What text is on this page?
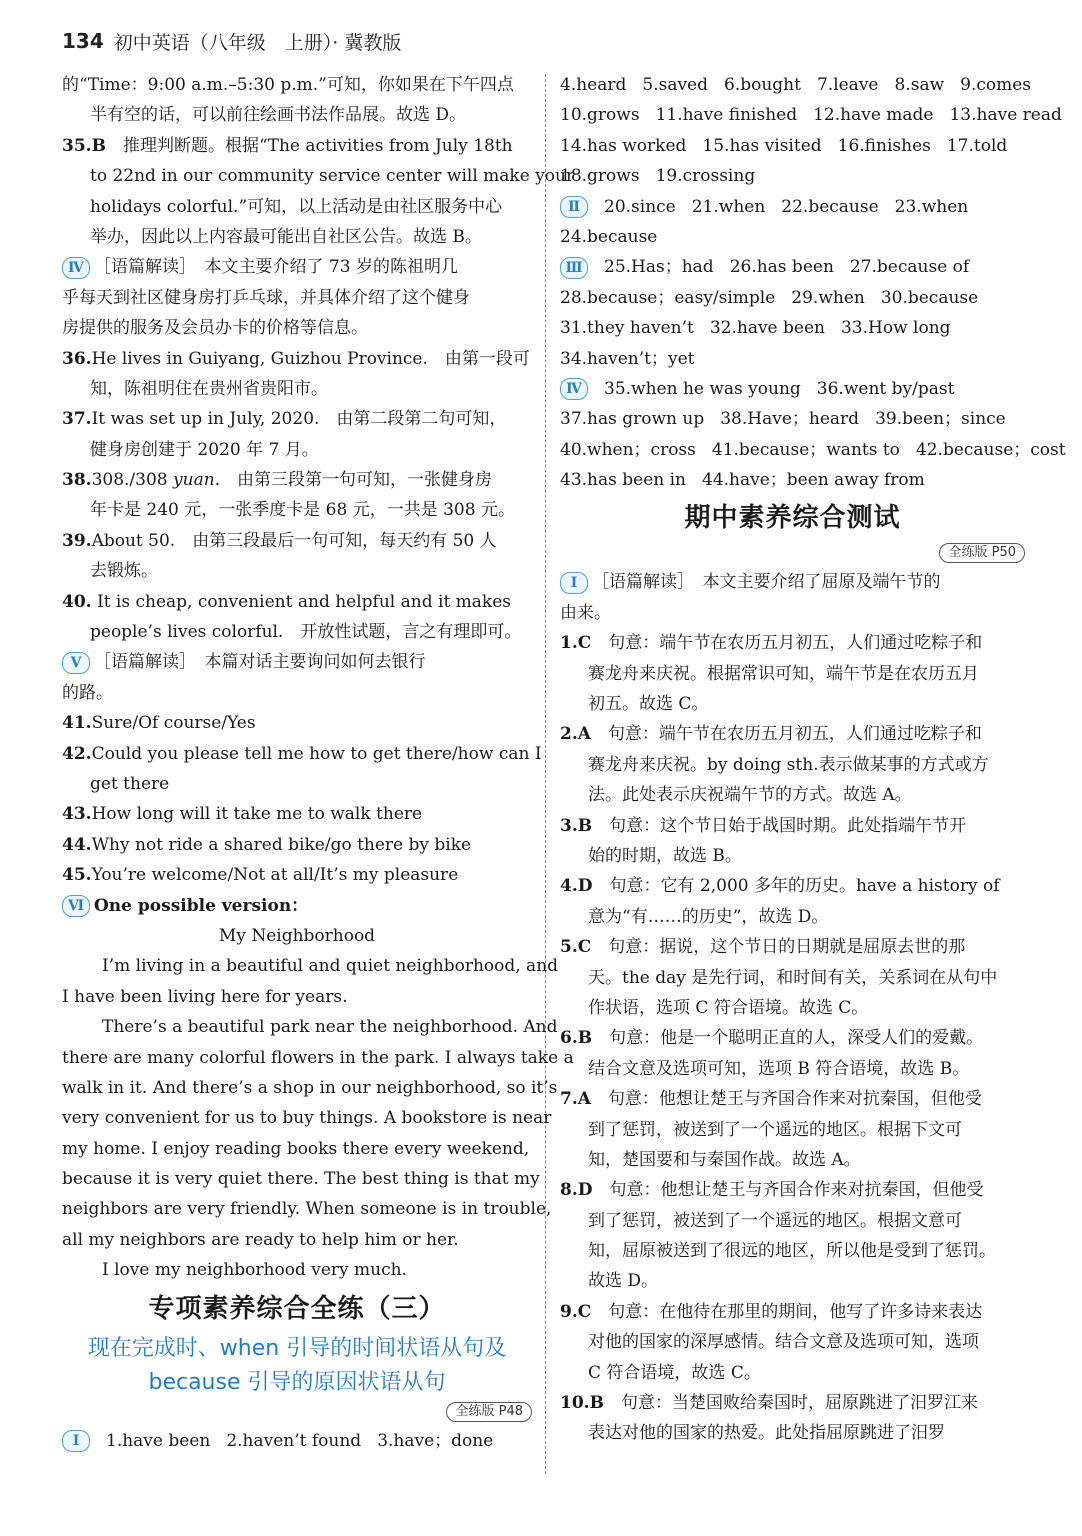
134 初中英语（八年级　上册）· 冀教版
的“Time：9:00 a.m.–5:30 p.m.”可知，你如果在下午四点
半有空的话，可以前往绘画书法作品展。故选 D。
35.B　 推理判断题。根据“The activities from July 18th
to 22nd in our community service center will make your
holidays colorful.”可知，以上活动是由社区服务中心
举办，因此以上内容最可能出自社区公告。故选 B。
Ⅳ ［语篇解读］　本文主要介绍了 73 岁的陈祖明几
乎每天到社区健身房打乒乓球，并具体介绍了这个健身
房提供的服务及会员办卡的价格等信息。
36.He lives in Guiyang, Guizhou Province.　由第一段可
知，陈祖明住在贵州省贵阳市。
37.It was set up in July, 2020.　由第二段第二句可知，
健身房创建于 2020 年 7 月。
38.308./308 yuan.　由第三段第一句可知，一张健身房
年卡是 240 元，一张季度卡是 68 元，一共是 308 元。
39.About 50.　由第三段最后一句可知，每天约有 50 人
去锻炼。
40. It is cheap, convenient and helpful and it makes
people’s lives colorful.　开放性试题，言之有理即可。
Ⅴ ［语篇解读］　本篇对话主要询问如何去银行
的路。
41.Sure/Of course/Yes
42.Could you please tell me how to get there/how can I
get there
43.How long will it take me to walk there
44.Why not ride a shared bike/go there by bike
45.You’re welcome/Not at all/It’s my pleasure
Ⅵ One possible version：
My Neighborhood
I’m living in a beautiful and quiet neighborhood, and
I have been living here for years.
There’s a beautiful park near the neighborhood. And
there are many colorful flowers in the park. I always take a
walk in it. And there’s a shop in our neighborhood, so it’s
very convenient for us to buy things. A bookstore is near
my home. I enjoy reading books there every weekend,
because it is very quiet there. The best thing is that my
neighbors are very friendly. When someone is in trouble,
all my neighbors are ready to help him or her.
I love my neighborhood very much.
专项素养综合全练（三）
现在完成时、when 引导的时间状语从句及
because 引导的原因状语从句
全练版 P48
Ⅰ 1.have been 2.haven’t found 3.have；done
4.heard 5.saved 6.bought 7.leave 8.saw 9.comes
10.grows 11.have finished 12.have made 13.have read
14.has worked 15.has visited 16.finishes 17.told
18.grows 19.crossing
Ⅱ 20.since 21.when 22.because 23.when
24.because
Ⅲ 25.Has；had 26.has been 27.because of
28.because；easy/simple 29.when 30.because
31.they haven’t 32.have been 33.How long
34.haven’t；yet
Ⅳ 35.when he was young 36.went by/past
37.has grown up 38.Have；heard 39.been；since
40.when；cross 41.because；wants to 42.because；cost
43.has been in 44.have；been away from
期中素养综合测试
全练版 P50
Ⅰ ［语篇解读］　本文主要介绍了屈原及端午节的
由来。
1.C　 句意：端午节在农历五月初五，人们通过吃粽子和
赛龙舟来庆祝。根据常识可知，端午节是在农历五月
初五。故选 C。
2.A　 句意：端午节在农历五月初五，人们通过吃粽子和
赛龙舟来庆祝。by doing sth.表示做某事的方式或方
法。此处表示庆祝端午节的方式。故选 A。
3.B　 句意：这个节日始于战国时期。此处指端午节开
始的时期，故选 B。
4.D　 句意：它有 2,000 多年的历史。have a history of
意为“有……的历史”，故选 D。
5.C　 句意：据说，这个节日的日期就是屈原去世的那
天。the day 是先行词，和时间有关，关系词在从句中
作状语，选项 C 符合语境。故选 C。
6.B　 句意：他是一个聪明正直的人，深受人们的爱戴。
结合文意及选项可知，选项 B 符合语境，故选 B。
7.A　 句意：他想让楚王与齐国合作来对抗秦国，但他受
到了惩罚，被送到了一个遥远的地区。根据下文可
知，楚国要和与秦国作战。故选 A。
8.D　 句意：他想让楚王与齐国合作来对抗秦国，但他受
到了惩罚，被送到了一个遥远的地区。根据文意可
知，屈原被送到了很远的地区，所以他是受到了惩罚。
故选 D。
9.C　 句意：在他待在那里的期间，他写了许多诗来表达
对他的国家的深厚感情。结合文意及选项可知，选项
C 符合语境，故选 C。
10.B　 句意：当楚国败给秦国时，屈原跳进了汨罗江来
表达对他的国家的热爱。此处指屈原跳进了汨罗
